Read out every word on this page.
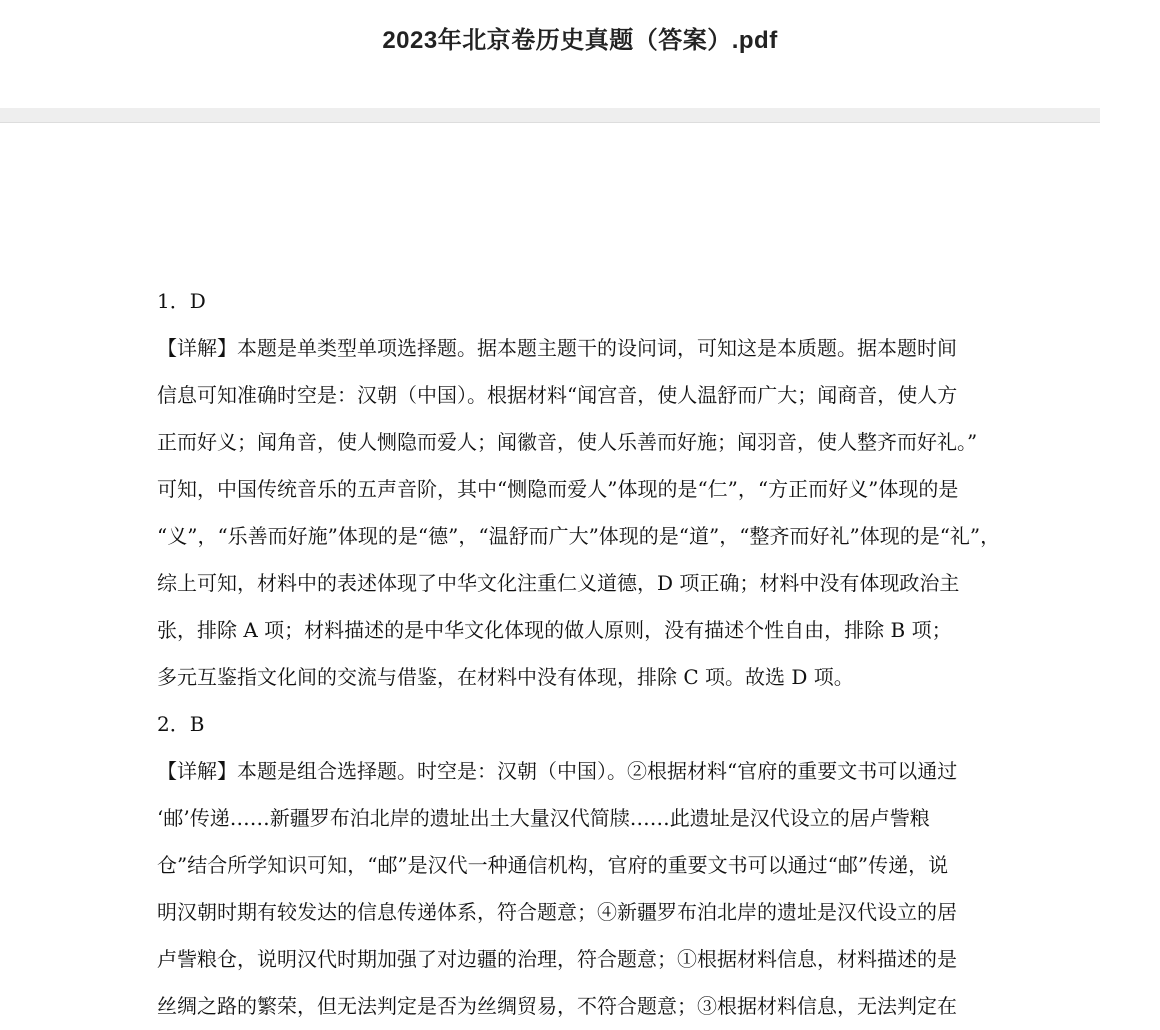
2023年北京卷历史真题（答案）.pdf
1．D
【详解】本题是单类型单项选择题。据本题主题干的设问词，可知这是本质题。据本题时间
信息可知准确时空是：汉朝（中国）。根据材料“闻宫音，使人温舒而广大；闻商音，使人方
正而好义；闻角音，使人恻隐而爱人；闻徽音，使人乐善而好施；闻羽音，使人整齐而好礼。”
可知，中国传统音乐的五声音阶，其中“恻隐而爱人”体现的是“仁”，“方正而好义”体现的是
“义”，“乐善而好施”体现的是“德”，“温舒而广大”体现的是“道”，“整齐而好礼”体现的是“礼”，
综上可知，材料中的表述体现了中华文化注重仁义道德，D 项正确；材料中没有体现政治主
张，排除 A 项；材料描述的是中华文化体现的做人原则，没有描述个性自由，排除 B 项；
多元互鉴指文化间的交流与借鉴，在材料中没有体现，排除 C 项。故选 D 项。
2．B
【详解】本题是组合选择题。时空是：汉朝（中国）。②根据材料“官府的重要文书可以通过
‘邮’传递……新疆罗布泊北岸的遗址出土大量汉代简牍……此遗址是汉代设立的居卢訾粮
仓”结合所学知识可知，“邮”是汉代一种通信机构，官府的重要文书可以通过“邮”传递，说
明汉朝时期有较发达的信息传递体系，符合题意；④新疆罗布泊北岸的遗址是汉代设立的居
卢訾粮仓，说明汉代时期加强了对边疆的治理，符合题意；①根据材料信息，材料描述的是
丝绸之路的繁荣，但无法判定是否为丝绸贸易，不符合题意；③根据材料信息，无法判定在
